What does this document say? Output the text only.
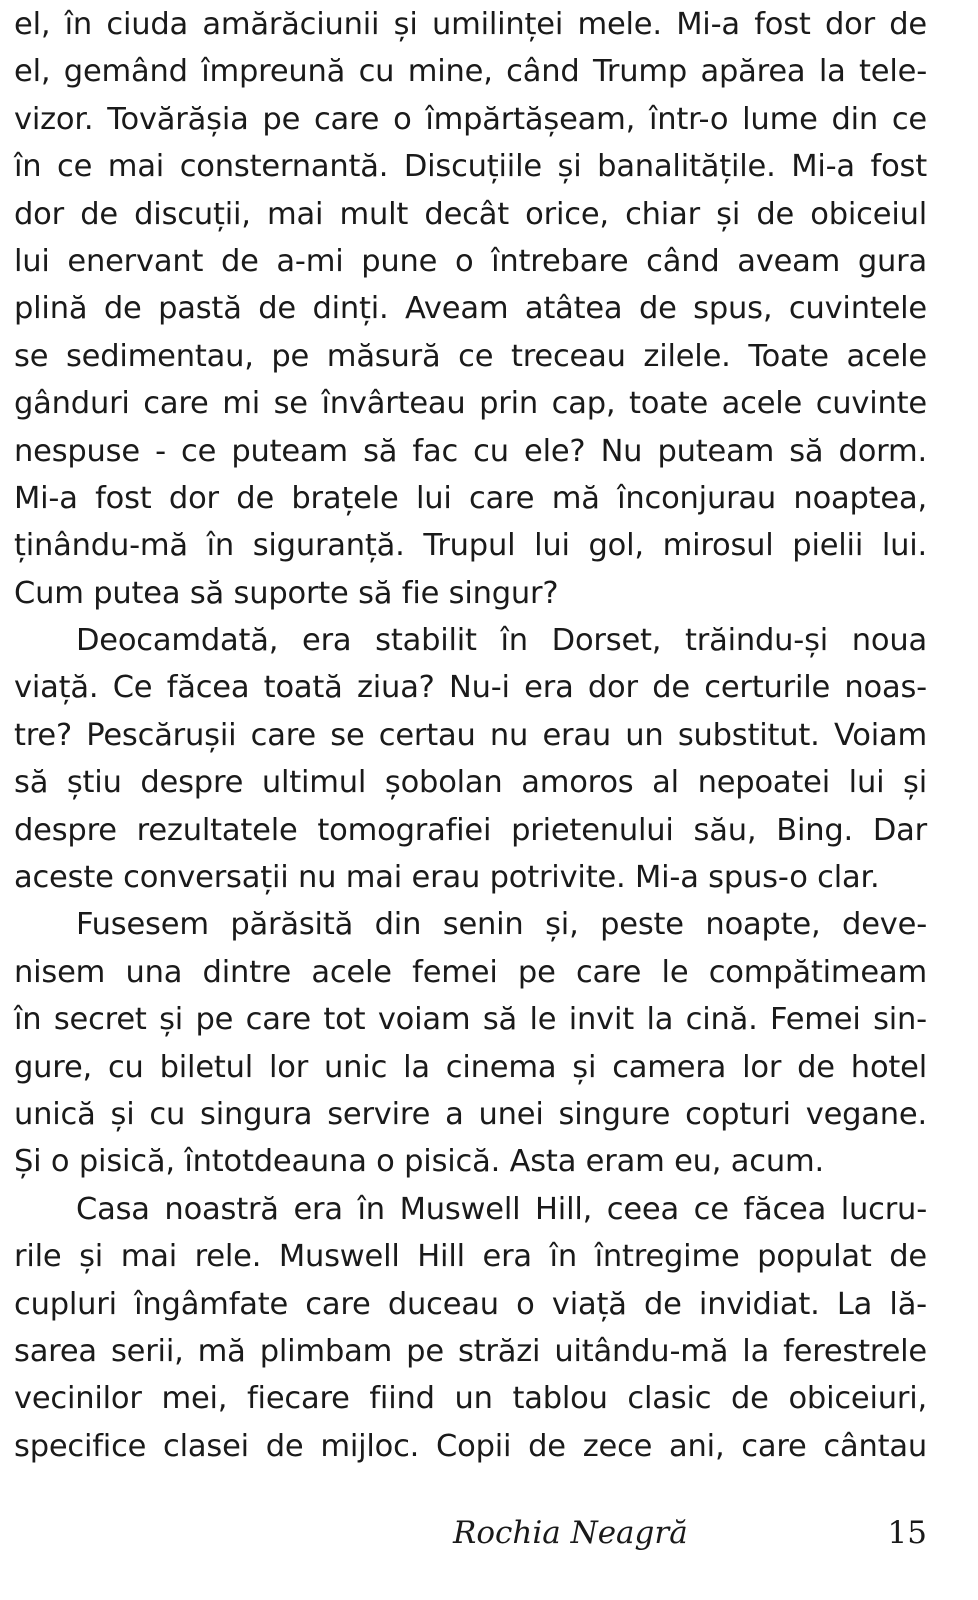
el, în ciuda amărăciunii și umilinței mele. Mi-a fost dor de
el, gemând împreună cu mine, când Trump apărea la tele-
vizor. Tovărășia pe care o împărtășeam, într-o lume din ce
în ce mai consternantă. Discuțiile și banalitățile. Mi-a fost
dor de discuții, mai mult decât orice, chiar și de obiceiul
lui enervant de a-mi pune o întrebare când aveam gura
plină de pastă de dinți. Aveam atâtea de spus, cuvintele
se sedimentau, pe măsură ce treceau zilele. Toate acele
gânduri care mi se învârteau prin cap, toate acele cuvinte
nespuse - ce puteam să fac cu ele? Nu puteam să dorm.
Mi-a fost dor de brațele lui care mă înconjurau noaptea,
ținându-mă în siguranță. Trupul lui gol, mirosul pielii lui.
Cum putea să suporte să fie singur?
Deocamdată, era stabilit în Dorset, trăindu-și noua
viață. Ce făcea toată ziua? Nu-i era dor de certurile noas-
tre? Pescărușii care se certau nu erau un substitut. Voiam
să știu despre ultimul șobolan amoros al nepoatei lui și
despre rezultatele tomografiei prietenului său, Bing. Dar
aceste conversații nu mai erau potrivite. Mi-a spus-o clar.
Fusesem părăsită din senin și, peste noapte, deve-
nisem una dintre acele femei pe care le compătimeam
în secret și pe care tot voiam să le invit la cină. Femei sin-
gure, cu biletul lor unic la cinema și camera lor de hotel
unică și cu singura servire a unei singure copturi vegane.
Și o pisică, întotdeauna o pisică. Asta eram eu, acum.
Casa noastră era în Muswell Hill, ceea ce făcea lucru-
rile și mai rele. Muswell Hill era în întregime populat de
cupluri îngâmfate care duceau o viață de invidiat. La lă-
sarea serii, mă plimbam pe străzi uitându-mă la ferestrele
vecinilor mei, fiecare fiind un tablou clasic de obiceiuri,
specifice clasei de mijloc. Copii de zece ani, care cântau
Rochia Neagră	15
